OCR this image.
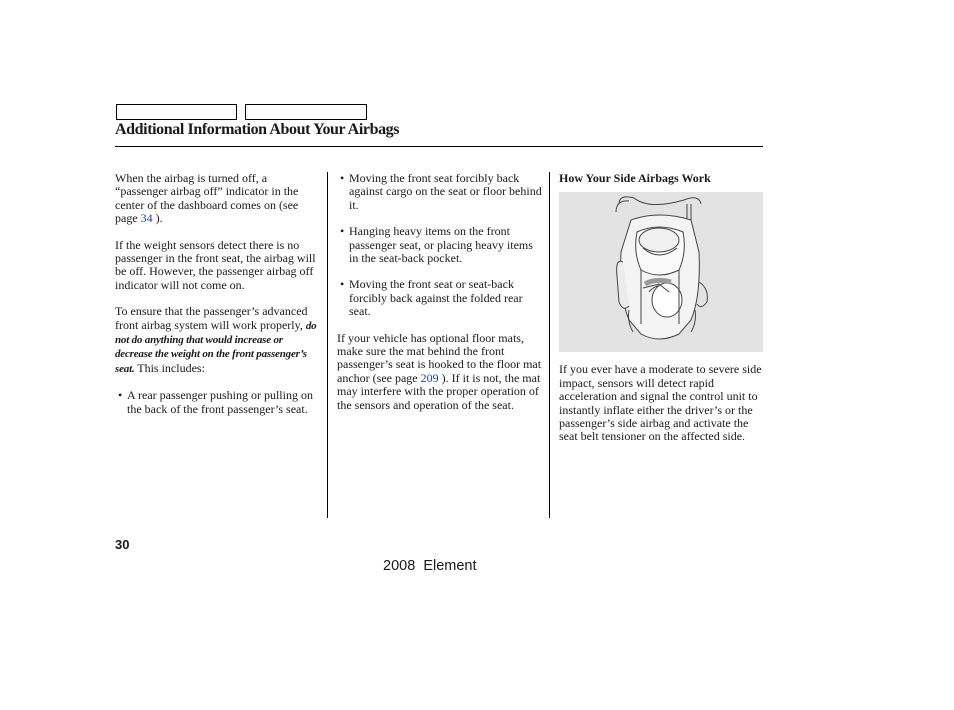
Additional Information About Your Airbags

When the airbag is turned off, a “passenger airbag off” indicator in the center of the dashboard comes on (see page 34 ).

If the weight sensors detect there is no passenger in the front seat, the airbag will be off. However, the passenger airbag off indicator will not come on.

To ensure that the passenger’s advanced front airbag system will work properly, do not do anything that would increase or decrease the weight on the front passenger’s seat. This includes:

• A rear passenger pushing or pulling on the back of the front passenger’s seat.
• Moving the front seat forcibly back against cargo on the seat or floor behind it.
• Hanging heavy items on the front passenger seat, or placing heavy items in the seat-back pocket.
• Moving the front seat or seat-back forcibly back against the folded rear seat.

If your vehicle has optional floor mats, make sure the mat behind the front passenger’s seat is hooked to the floor mat anchor (see page 209 ). If it is not, the mat may interfere with the proper operation of the sensors and operation of the seat.

How Your Side Airbags Work

If you ever have a moderate to severe side impact, sensors will detect rapid acceleration and signal the control unit to instantly inflate either the driver’s or the passenger’s side airbag and activate the seat belt tensioner on the affected side.

30
2008  Element
